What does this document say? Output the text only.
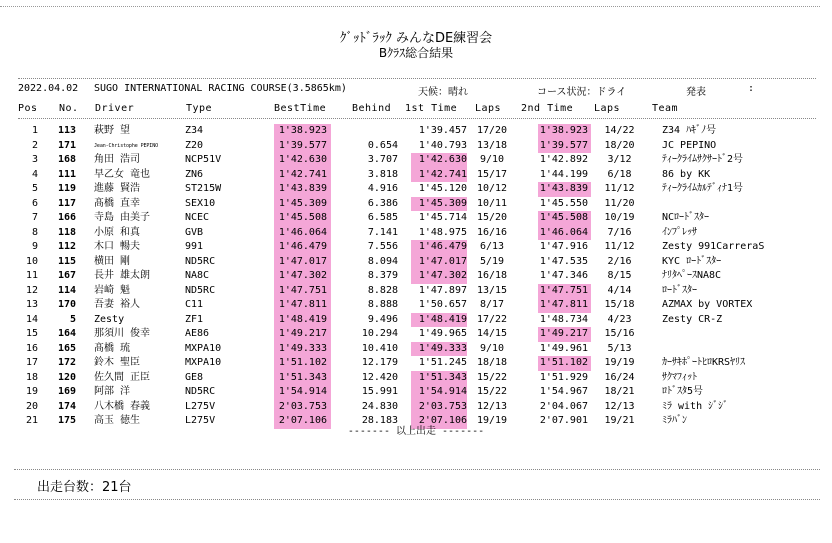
ｸﾞｯﾄﾞﾗｯｸ みんなDE練習会
Bｸﾗｽ総合結果
2022.04.02 SUGO INTERNATIONAL RACING COURSE(3.5865km)	天候：晴れ	コース状況：ドライ	発表	:
Pos No. Driver	Type	BestTime	Behind 1st Time Laps 2nd Time Laps	Team
1	113		萩野 望	Z34	1'38.923			1'39.457	17/20		1'38.923	14/22	Z34 ﾊｷﾞﾉ号
2	171		Jean-Christophe PEPINO	Z20	1'39.577	0.654		1'40.793	13/18		1'39.577	18/20	JC PEPINO
3	168		角田 浩司	NCP51V	1'42.630	3.707		1'42.630	9/10		1'42.892	3/12	ﾃｨｰｸﾗｲﾑｻｸｻｰﾄﾞ2号
4	111		早乙女 竜也	ZN6	1'42.741	3.818		1'42.741	15/17		1'44.199	6/18	86 by KK
5	119		進藤 賢浩	ST215W	1'43.839	4.916		1'45.120	10/12		1'43.839	11/12	ﾃｨｰｸﾗｲﾑｶﾙﾃﾞｨﾅ1号
6	117		髙橋 直幸	SEX10	1'45.309	6.386		1'45.309	10/11		1'45.550	11/20	
7	166		寺島 由美子	NCEC	1'45.508	6.585		1'45.714	15/20		1'45.508	10/19	NCﾛｰﾄﾞｽﾀｰ
8	118		小原 和真	GVB	1'46.064	7.141		1'48.975	16/16		1'46.064	7/16	ｲﾝﾌﾟﾚｯｻ
9	112		木口 暢夫	991	1'46.479	7.556		1'46.479	6/13		1'47.916	11/12	Zesty 991CarreraS
10	115		横田 剛	ND5RC	1'47.017	8.094		1'47.017	5/19		1'47.535	2/16	KYC ﾛｰﾄﾞｽﾀｰ
11	167		長井 雄太朗	NA8C	1'47.302	8.379		1'47.302	16/18		1'47.346	8/15	ﾅﾘﾀﾍﾟｰｽNA8C
12	114		岩崎 魁	ND5RC	1'47.751	8.828		1'47.897	13/15		1'47.751	4/14	ﾛｰﾄﾞｽﾀｰ
13	170		吾妻 裕人	C11	1'47.811	8.888		1'50.657	8/17		1'47.811	15/18	AZMAX by VORTEX
14	5		Zesty	ZF1	1'48.419	9.496		1'48.419	17/22		1'48.734	4/23	Zesty CR-Z
15	164		那須川 俊幸	AE86	1'49.217	10.294		1'49.965	14/15		1'49.217	15/16	
16	165		髙橋 琉	MXPA10	1'49.333	10.410		1'49.333	9/10		1'49.961	5/13	
17	172		鈴木 聖臣	MXPA10	1'51.102	12.179		1'51.245	18/18		1'51.102	19/19	ｶｰｻｷﾎﾟｰﾄﾋﾛKRSﾔﾘｽ
18	120		佐久間 正臣	GE8	1'51.343	12.420		1'51.343	15/22		1'51.929	16/24	ｻｸﾏﾌｨｯﾄ
19	169		阿部 洋	ND5RC	1'54.914	15.991		1'54.914	15/22		1'54.967	18/21	ﾛﾄﾞｽﾀ5号
20	174		八木橋 春義	L275V	2'03.753	24.830		2'03.753	12/13		2'04.067	12/13	ﾐﾗ with ｼﾞｼﾞ
21	175		高玉 徳生	L275V	2'07.106	28.183		2'07.106	19/19		2'07.901	19/21	ﾐﾗﾊﾞﾝ
------- 以上出走 -------
出走台数：21台
